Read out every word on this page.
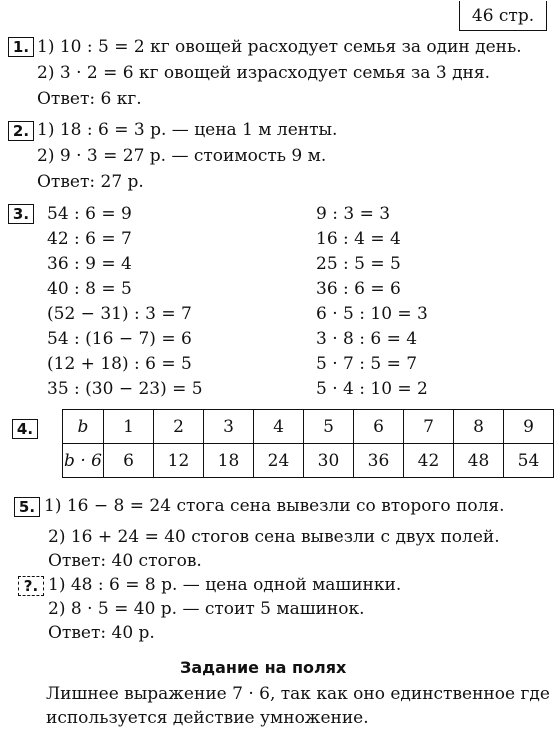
46 стр.
1. 1) 10 : 5 = 2 кг овощей расходует семья за один день.
2) 3 · 2 = 6 кг овощей израсходует семья за 3 дня.
Ответ: 6 кг.
2. 1) 18 : 6 = 3 р. — цена 1 м ленты.
2) 9 · 3 = 27 р. — стоимость 9 м.
Ответ: 27 р.
3. 54 : 6 = 9
42 : 6 = 7
36 : 9 = 4
40 : 8 = 5
(52 − 31) : 3 = 7
54 : (16 − 7) = 6
(12 + 18) : 6 = 5
35 : (30 − 23) = 5
9 : 3 = 3
16 : 4 = 4
25 : 5 = 5
36 : 6 = 6
6 · 5 : 10 = 3
3 · 8 : 6 = 4
5 · 7 : 5 = 7
5 · 4 : 10 = 2
4.	b	1	2	3	4	5	6	7	8	9
b · 6	6	12	18	24	30	36	42	48	54
5. 1) 16 − 8 = 24 стога сена вывезли со второго поля.
2) 16 + 24 = 40 стогов сена вывезли с двух полей.
Ответ: 40 стогов.
?. 1) 48 : 6 = 8 р. — цена одной машинки.
2) 8 · 5 = 40 р. — стоит 5 машинок.
Ответ: 40 р.
Задание на полях
Лишнее выражение 7 · 6, так как оно единственное где
используется действие умножение.
